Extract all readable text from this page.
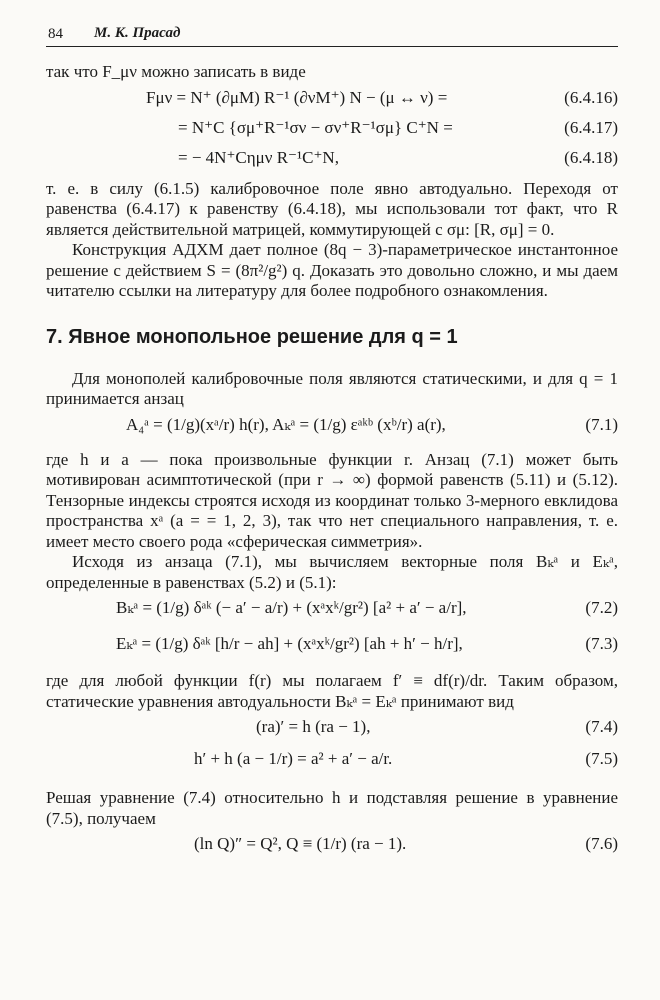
84 М. К. Прасад

так что F_μν можно записать в виде

Fμν = N⁺ (∂μM) R⁻¹ (∂νM⁺) N − (μ ↔ ν) =	(6.4.16)
= N⁺C {σμ⁺R⁻¹σν − σν⁺R⁻¹σμ} C⁺N =	(6.4.17)
= − 4N⁺Cημν R⁻¹C⁺N,	(6.4.18)

т. е. в силу (6.1.5) калибровочное поле явно автодуально. Переходя от равенства (6.4.17) к равенству (6.4.18), мы использовали тот факт, что R является действительной матрицей, коммутирующей с σμ: [R, σμ] = 0.

Конструкция АДХМ дает полное (8q − 3)-параметрическое инстантонное решение с действием S = (8π²/g²) q. Доказать это довольно сложно, и мы даем читателю ссылки на литературу для более подробного ознакомления.

7. Явное монопольное решение для q = 1

Для монополей калибровочные поля являются статическими, и для q = 1 принимается анзац

A₄ᵃ = (1/g)(xᵃ/r) h(r), Aₖᵃ = (1/g) εᵃᵏᵇ (xᵇ/r) a(r),	(7.1)

где h и a — пока произвольные функции r. Анзац (7.1) может быть мотивирован асимптотической (при r → ∞) формой равенств (5.11) и (5.12). Тензорные индексы строятся исходя из координат только 3-мерного евклидова пространства xᵃ (a = = 1, 2, 3), так что нет специального направления, т. е. имеет место своего рода «сферическая симметрия».

Исходя из анзаца (7.1), мы вычисляем векторные поля Bₖᵃ и Eₖᵃ, определенные в равенствах (5.2) и (5.1):

Bₖᵃ = (1/g) δᵃᵏ (− a′ − a/r) + (xᵃxᵏ/gr²) [a² + a′ − a/r],	(7.2)
Eₖᵃ = (1/g) δᵃᵏ [h/r − ah] + (xᵃxᵏ/gr²) [ah + h′ − h/r],	(7.3)

где для любой функции f(r) мы полагаем f′ ≡ df(r)/dr. Таким образом, статические уравнения автодуальности Bₖᵃ = Eₖᵃ принимают вид

(ra)′ = h (ra − 1),	(7.4)
h′ + h (a − 1/r) = a² + a′ − a/r.	(7.5)

Решая уравнение (7.4) относительно h и подставляя решение в уравнение (7.5), получаем

(ln Q)″ = Q², Q ≡ (1/r) (ra − 1).	(7.6)
